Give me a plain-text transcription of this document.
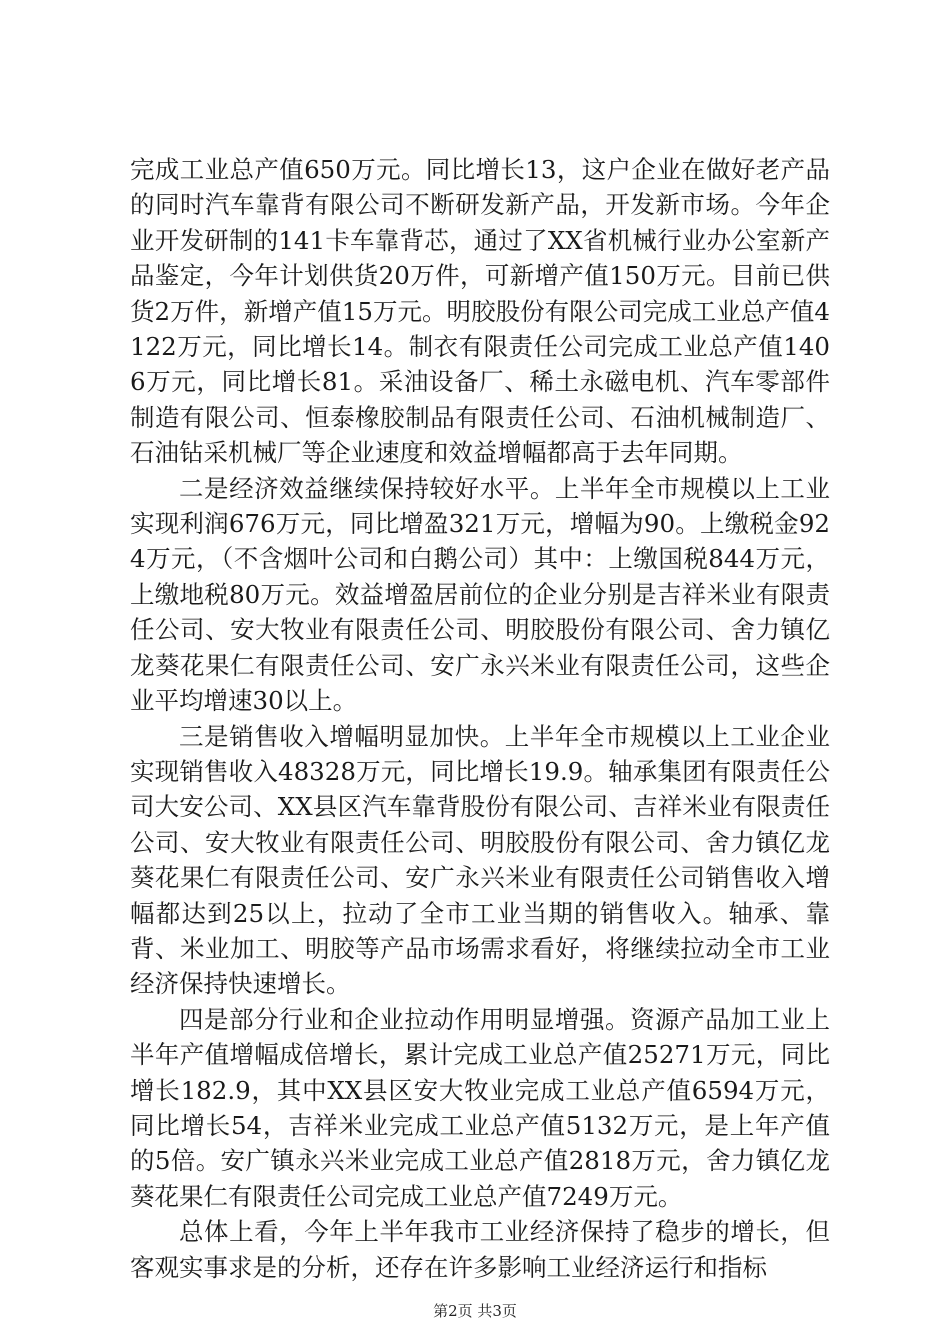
完成工业总产值650万元。同比增长13，这户企业在做好老产品的同时汽车靠背有限公司不断研发新产品，开发新市场。今年企业开发研制的141卡车靠背芯，通过了XX省机械行业办公室新产品鉴定，今年计划供货20万件，可新增产值150万元。目前已供货2万件，新增产值15万元。明胶股份有限公司完成工业总产值4122万元，同比增长14。制衣有限责任公司完成工业总产值1406万元，同比增长81。采油设备厂、稀土永磁电机、汽车零部件制造有限公司、恒泰橡胶制品有限责任公司、石油机械制造厂、石油钻采机械厂等企业速度和效益增幅都高于去年同期。

二是经济效益继续保持较好水平。上半年全市规模以上工业实现利润676万元，同比增盈321万元，增幅为90。上缴税金924万元，（不含烟叶公司和白鹅公司）其中：上缴国税844万元，上缴地税80万元。效益增盈居前位的企业分别是吉祥米业有限责任公司、安大牧业有限责任公司、明胶股份有限公司、舍力镇亿龙葵花果仁有限责任公司、安广永兴米业有限责任公司，这些企业平均增速30以上。

三是销售收入增幅明显加快。上半年全市规模以上工业企业实现销售收入48328万元，同比增长19.9。轴承集团有限责任公司大安公司、XX县区汽车靠背股份有限公司、吉祥米业有限责任公司、安大牧业有限责任公司、明胶股份有限公司、舍力镇亿龙葵花果仁有限责任公司、安广永兴米业有限责任公司销售收入增幅都达到25以上，拉动了全市工业当期的销售收入。轴承、靠背、米业加工、明胶等产品市场需求看好，将继续拉动全市工业经济保持快速增长。

四是部分行业和企业拉动作用明显增强。资源产品加工业上半年产值增幅成倍增长，累计完成工业总产值25271万元，同比增长182.9，其中XX县区安大牧业完成工业总产值6594万元，同比增长54，吉祥米业完成工业总产值5132万元，是上年产值的5倍。安广镇永兴米业完成工业总产值2818万元，舍力镇亿龙葵花果仁有限责任公司完成工业总产值7249万元。

总体上看，今年上半年我市工业经济保持了稳步的增长，但客观实事求是的分析，还存在许多影响工业经济运行和指标

第2页 共3页
